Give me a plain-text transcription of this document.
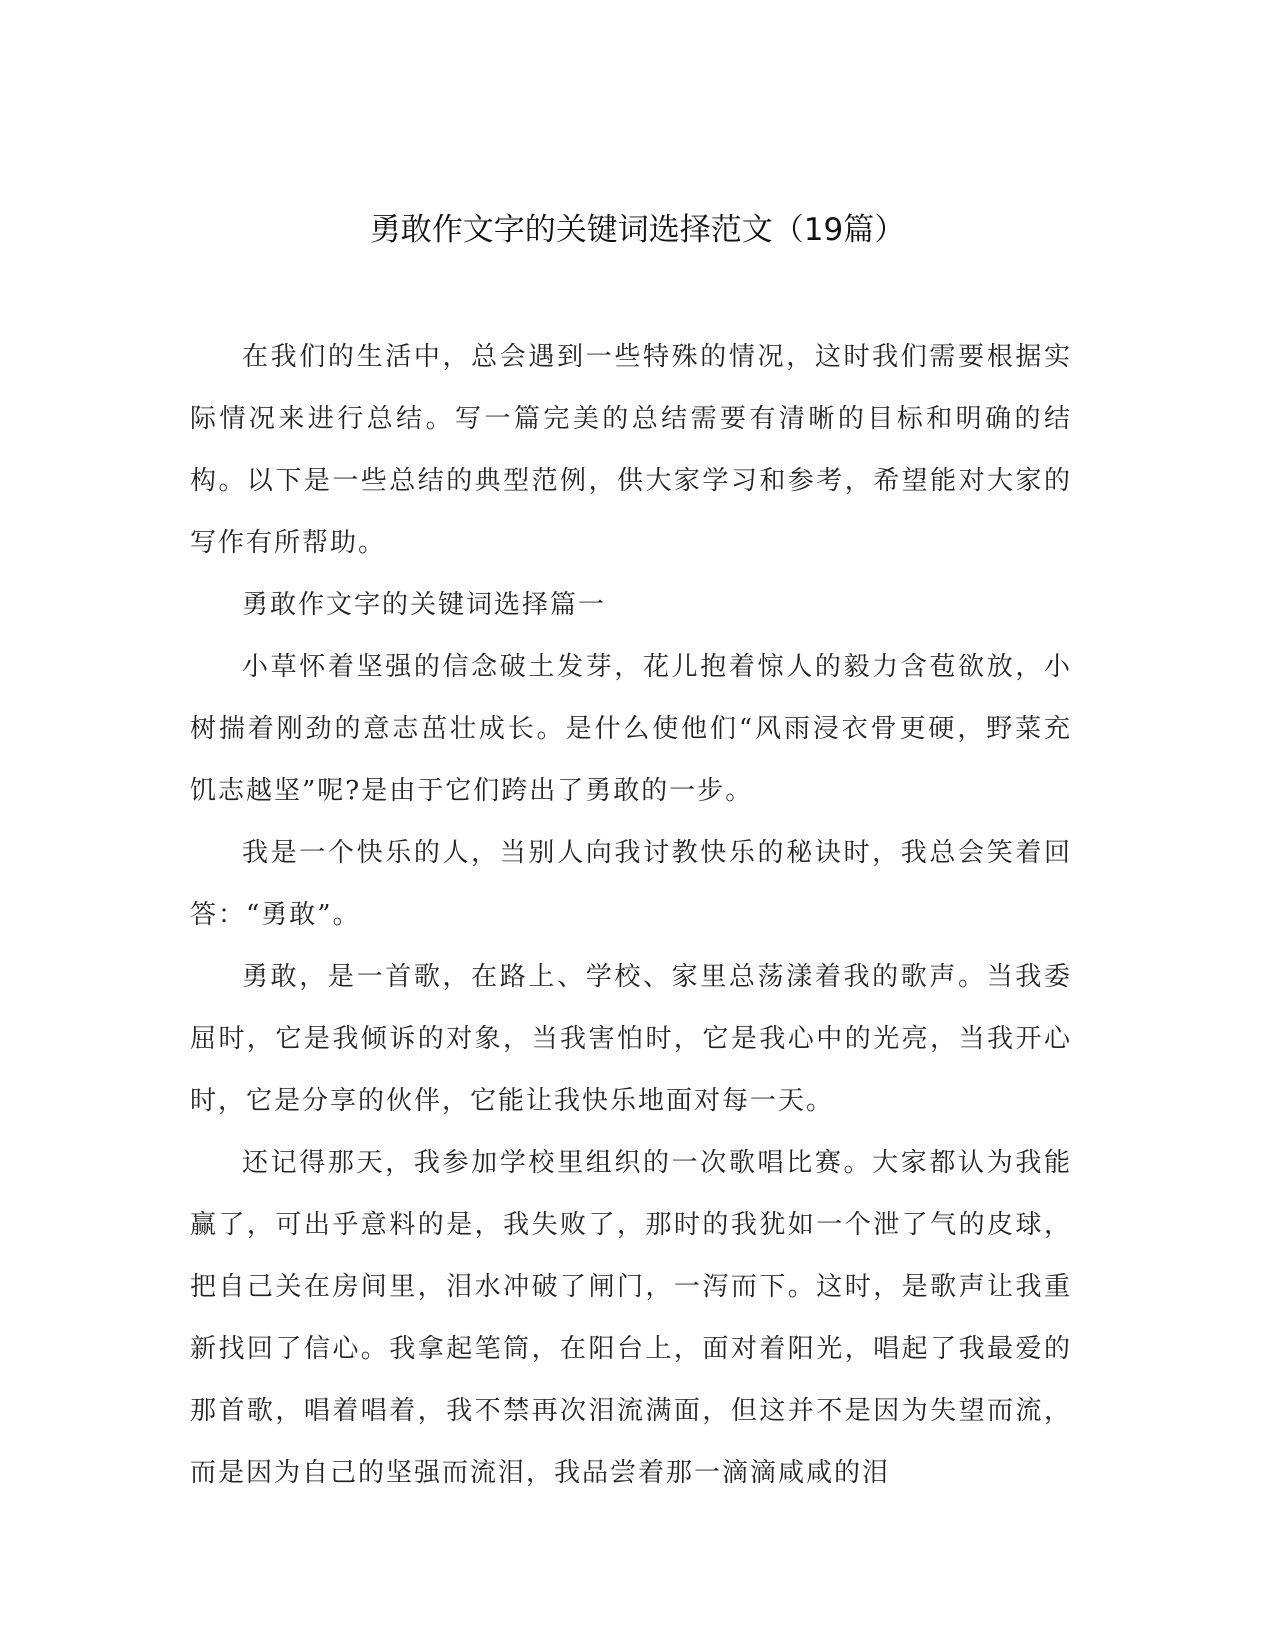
勇敢作文字的关键词选择范文（19篇）

在我们的生活中，总会遇到一些特殊的情况，这时我们需要根据实际情况来进行总结。写一篇完美的总结需要有清晰的目标和明确的结构。以下是一些总结的典型范例，供大家学习和参考，希望能对大家的写作有所帮助。

勇敢作文字的关键词选择篇一

小草怀着坚强的信念破土发芽，花儿抱着惊人的毅力含苞欲放，小树揣着刚劲的意志茁壮成长。是什么使他们“风雨浸衣骨更硬，野菜充饥志越坚”呢?是由于它们跨出了勇敢的一步。

我是一个快乐的人，当别人向我讨教快乐的秘诀时，我总会笑着回答：“勇敢”。

勇敢，是一首歌，在路上、学校、家里总荡漾着我的歌声。当我委屈时，它是我倾诉的对象，当我害怕时，它是我心中的光亮，当我开心时，它是分享的伙伴，它能让我快乐地面对每一天。

还记得那天，我参加学校里组织的一次歌唱比赛。大家都认为我能赢了，可出乎意料的是，我失败了，那时的我犹如一个泄了气的皮球，把自己关在房间里，泪水冲破了闸门，一泻而下。这时，是歌声让我重新找回了信心。我拿起笔筒，在阳台上，面对着阳光，唱起了我最爱的那首歌，唱着唱着，我不禁再次泪流满面，但这并不是因为失望而流，而是因为自己的坚强而流泪，我品尝着那一滴滴咸咸的泪
